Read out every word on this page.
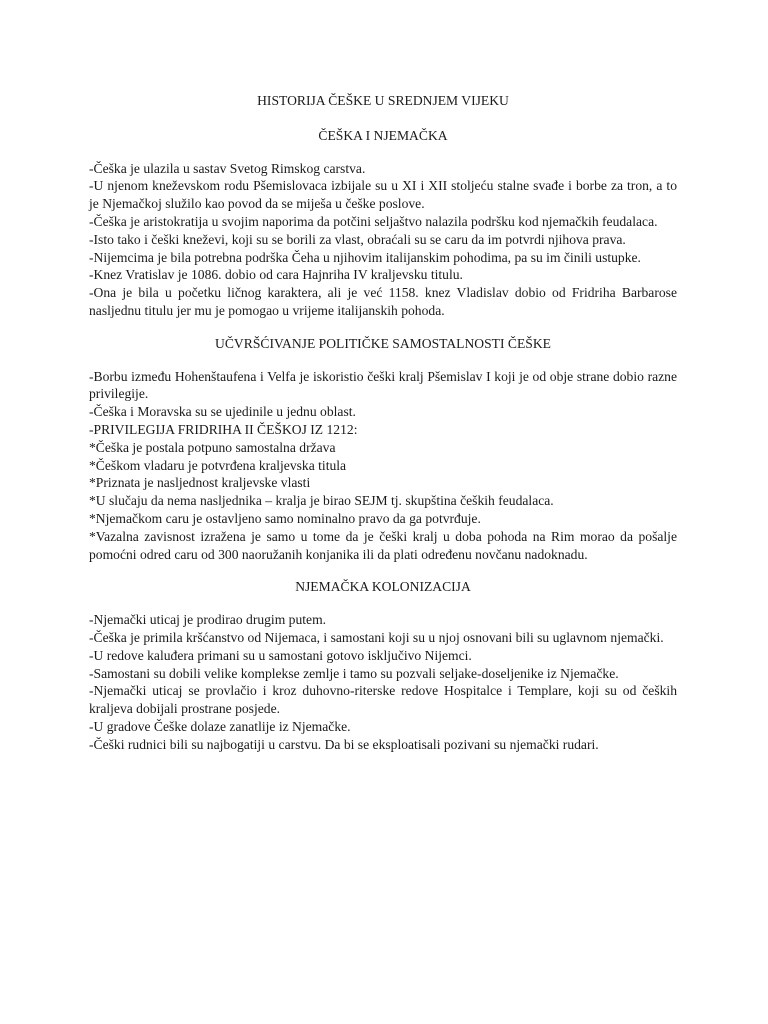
HISTORIJA ČEŠKE U SREDNJEM VIJEKU
ČEŠKA I NJEMAČKA

-Češka je ulazila u sastav Svetog Rimskog carstva.

-U njenom kneževskom rodu Pšemislovaca izbijale su u XI i XII stoljeću stalne svađe i borbe za tron, a to je Njemačkoj služilo kao povod da se miješa u češke poslove.

-Češka je aristokratija u svojim naporima da potčini seljaštvo nalazila podršku kod njemačkih feudalaca.

-Isto tako i češki kneževi, koji su se borili za vlast, obraćali su se caru da im potvrdi njihova prava.

-Nijemcima je bila potrebna podrška Čeha u njihovim italijanskim pohodima, pa su im činili ustupke.

-Knez Vratislav je 1086. dobio od cara Hajnriha IV kraljevsku titulu.

-Ona je bila u početku ličnog karaktera, ali je već 1158. knez Vladislav dobio od Fridriha Barbarose nasljednu titulu jer mu je pomogao u vrijeme italijanskih pohoda.

UČVRŠĆIVANJE POLITIČKE SAMOSTALNOSTI ČEŠKE

-Borbu između Hohenštaufena i Velfa je iskoristio češki kralj Pšemislav I koji je od obje strane dobio razne privilegije.

-Češka i Moravska su se ujedinile u jednu oblast.

-PRIVILEGIJA FRIDRIHA II ČEŠKOJ IZ 1212:

*Češka je postala potpuno samostalna država

*Češkom vladaru je potvrđena kraljevska titula

*Priznata je nasljednost kraljevske vlasti

*U slučaju da nema nasljednika – kralja je birao SEJM tj. skupština čeških feudalaca.

*Njemačkom caru je ostavljeno samo nominalno pravo da ga potvrđuje.

*Vazalna zavisnost izražena je samo u tome da je češki kralj u doba pohoda na Rim morao da pošalje pomoćni odred caru od 300 naoružanih konjanika ili da plati određenu novčanu nadoknadu.

NJEMAČKA KOLONIZACIJA

-Njemački uticaj je prodirao drugim putem.

-Češka je primila kršćanstvo od Nijemaca, i samostani koji su u njoj osnovani bili su uglavnom njemački.

-U redove kaluđera primani su u samostani gotovo isključivo Nijemci.

-Samostani su dobili velike komplekse zemlje i tamo su pozvali seljake-doseljenike iz Njemačke.

-Njemački uticaj se provlačio i kroz duhovno-riterske redove Hospitalce i Templare, koji su od čeških kraljeva dobijali prostrane posjede.

-U gradove Češke dolaze zanatlije iz Njemačke.

-Češki rudnici bili su najbogatiji u carstvu. Da bi se eksploatisali pozivani su njemački rudari.
